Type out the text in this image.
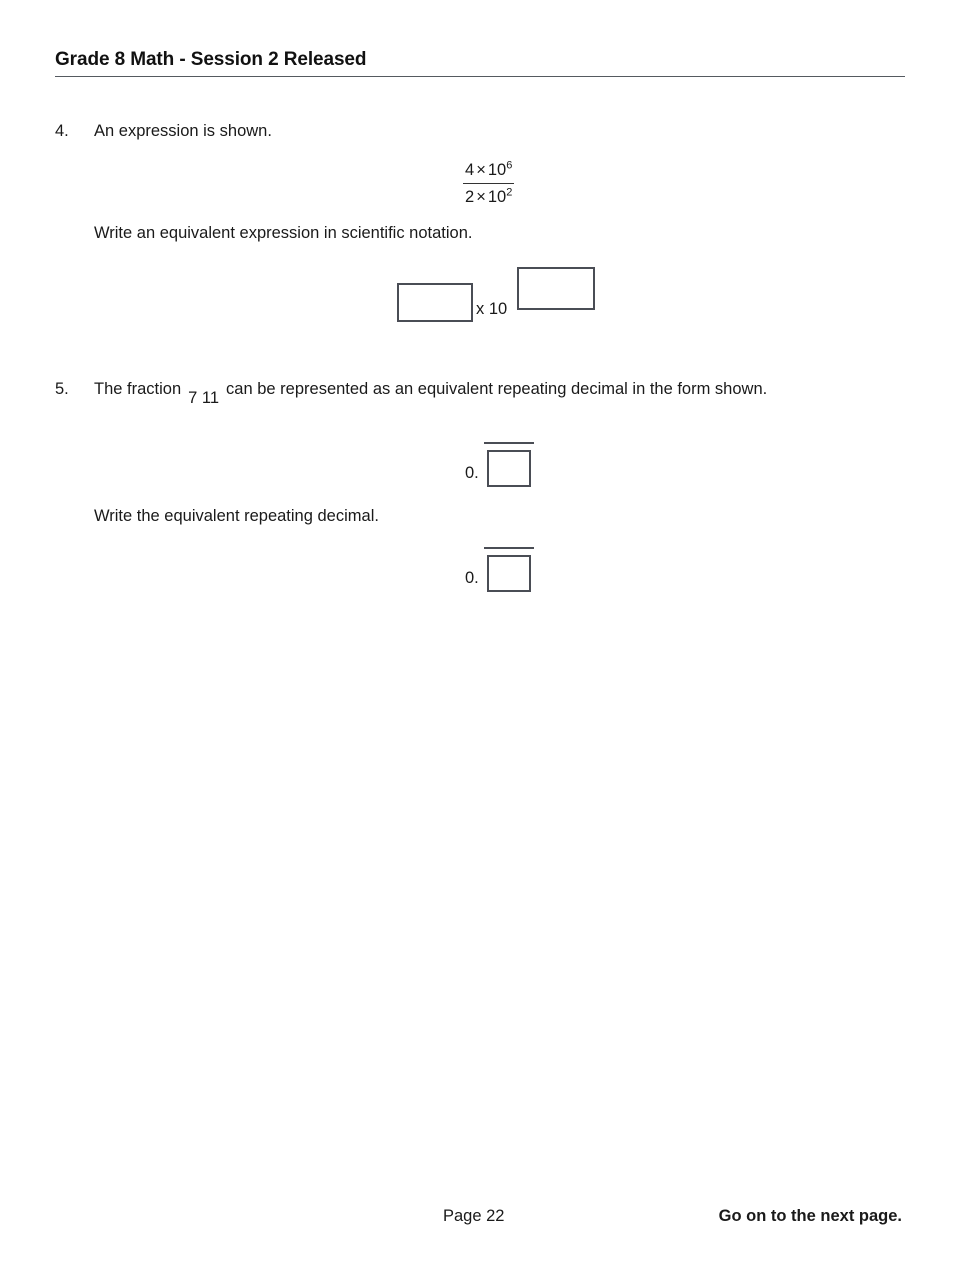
Grade 8 Math - Session 2 Released
4.	An expression is shown.
$4 \times 10^6$
$2 \times 10^2$
Write an equivalent expression in scientific notation.
x 10
5.	The fraction 7 11 can be represented as an equivalent repeating decimal in the form shown.
0.
Write the equivalent repeating decimal.
0.
Page 22	Go on to the next page.
